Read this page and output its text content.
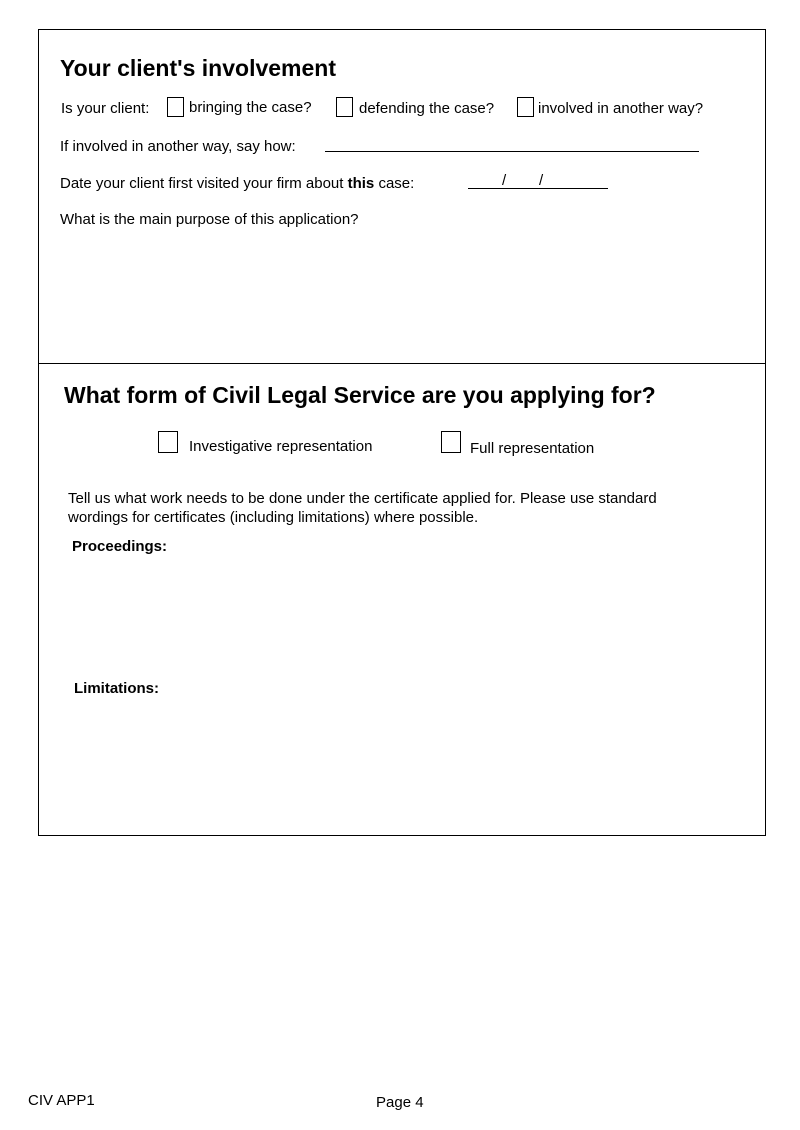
Your client's involvement
Is your client:	bringing the case?	defending the case?	involved in another way?
If involved in another way, say how:
Date your client first visited your firm about this case:	/ /
What is the main purpose of this application?
What form of Civil Legal Service are you applying for?
Investigative representation	Full representation
Tell us what work needs to be done under the certificate applied for. Please use standard
wordings for certificates (including limitations) where possible.
Proceedings:
Limitations:
CIV APP1	Page 4
